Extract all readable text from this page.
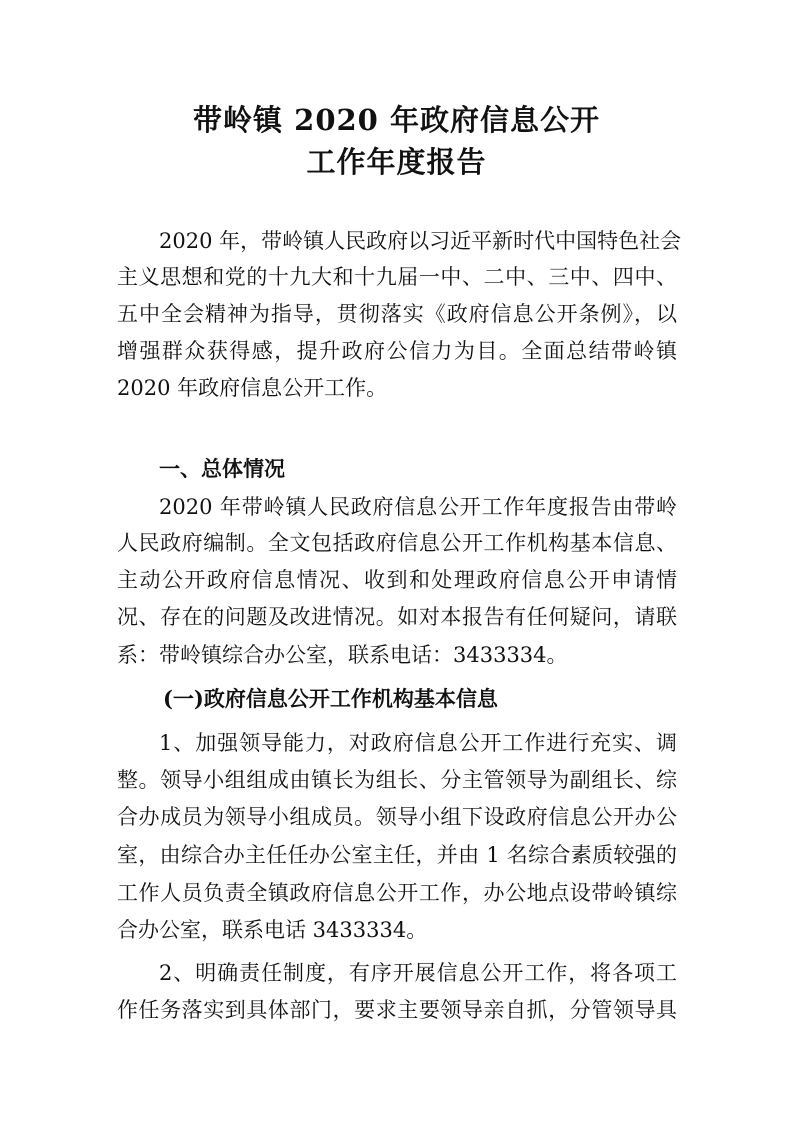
带岭镇 2020 年政府信息公开
工作年度报告
2020 年，带岭镇人民政府以习近平新时代中国特色社会
主义思想和党的十九大和十九届一中、二中、三中、四中、
五中全会精神为指导，贯彻落实《政府信息公开条例》，以
增强群众获得感，提升政府公信力为目。全面总结带岭镇
2020 年政府信息公开工作。
一、总体情况
2020 年带岭镇人民政府信息公开工作年度报告由带岭
人民政府编制。全文包括政府信息公开工作机构基本信息、
主动公开政府信息情况、收到和处理政府信息公开申请情
况、存在的问题及改进情况。如对本报告有任何疑问，请联
系：带岭镇综合办公室，联系电话：3433334。
(一)政府信息公开工作机构基本信息
1、加强领导能力，对政府信息公开工作进行充实、调
整。领导小组组成由镇长为组长、分主管领导为副组长、综
合办成员为领导小组成员。领导小组下设政府信息公开办公
室，由综合办主任任办公室主任，并由 1 名综合素质较强的
工作人员负责全镇政府信息公开工作，办公地点设带岭镇综
合办公室，联系电话 3433334。
2、明确责任制度，有序开展信息公开工作，将各项工
作任务落实到具体部门，要求主要领导亲自抓，分管领导具
